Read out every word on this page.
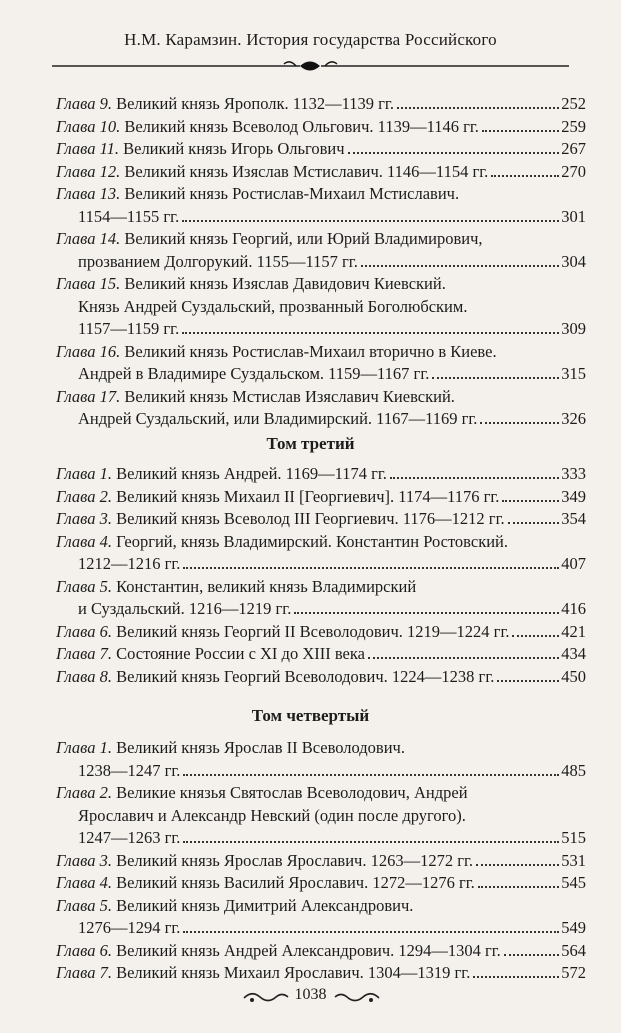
Н.М. Карамзин. История государства Российского
Глава 9. Великий князь Ярополк. 1132—1139 гг.	252
Глава 10. Великий князь Всеволод Ольгович. 1139—1146 гг.	259
Глава 11. Великий князь Игорь Ольгович	267
Глава 12. Великий князь Изяслав Мстиславич. 1146—1154 гг.	270
Глава 13. Великий князь Ростислав-Михаил Мстиславич.
1154—1155 гг.	301
Глава 14. Великий князь Георгий, или Юрий Владимирович,
прозванием Долгорукий. 1155—1157 гг.	304
Глава 15. Великий князь Изяслав Давидович Киевский.
Князь Андрей Суздальский, прозванный Боголюбским.
1157—1159 гг.	309
Глава 16. Великий князь Ростислав-Михаил вторично в Киеве.
Андрей в Владимире Суздальском. 1159—1167 гг.	315
Глава 17. Великий князь Мстислав Изяславич Киевский.
Андрей Суздальский, или Владимирский. 1167—1169 гг.	326
Том третий
Глава 1. Великий князь Андрей. 1169—1174 гг.	333
Глава 2. Великий князь Михаил II [Георгиевич]. 1174—1176 гг.	349
Глава 3. Великий князь Всеволод III Георгиевич. 1176—1212 гг.	354
Глава 4. Георгий, князь Владимирский. Константин Ростовский.
1212—1216 гг.	407
Глава 5. Константин, великий князь Владимирский
и Суздальский. 1216—1219 гг.	416
Глава 6. Великий князь Георгий II Всеволодович. 1219—1224 гг.	421
Глава 7. Состояние России с XI до XIII века	434
Глава 8. Великий князь Георгий Всеволодович. 1224—1238 гг.	450
Том четвертый
Глава 1. Великий князь Ярослав II Всеволодович.
1238—1247 гг.	485
Глава 2. Великие князья Святослав Всеволодович, Андрей
Ярославич и Александр Невский (один после другого).
1247—1263 гг.	515
Глава 3. Великий князь Ярослав Ярославич. 1263—1272 гг.	531
Глава 4. Великий князь Василий Ярославич. 1272—1276 гг.	545
Глава 5. Великий князь Димитрий Александрович.
1276—1294 гг.	549
Глава 6. Великий князь Андрей Александрович. 1294—1304 гг.	564
Глава 7. Великий князь Михаил Ярославич. 1304—1319 гг.	572
1038
